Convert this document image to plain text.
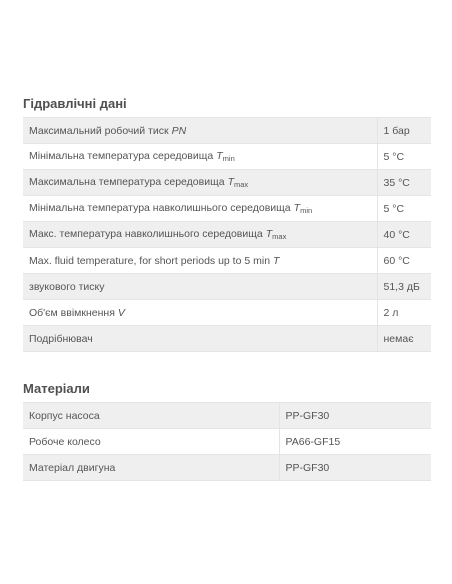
Гідравлічні дані
Максимальний робочий тиск PN	1 бар
Мінімальна температура середовища $T_{min}$	5 °C
Максимальна температура середовища $T_{max}$	35 °C
Мінімальна температура навколишнього середовища $T_{min}$	5 °C
Макс. температура навколишнього середовища $T_{max}$	40 °C
Max. fluid temperature, for short periods up to 5 min T	60 °C
звукового тиску	51,3 дБ
Об'єм ввімкнення V	2 л
Подрібнювач	немає
Матеріали
Корпус насоса	PP-GF30
Робоче колесо	PA66-GF15
Матеріал двигуна	PP-GF30
